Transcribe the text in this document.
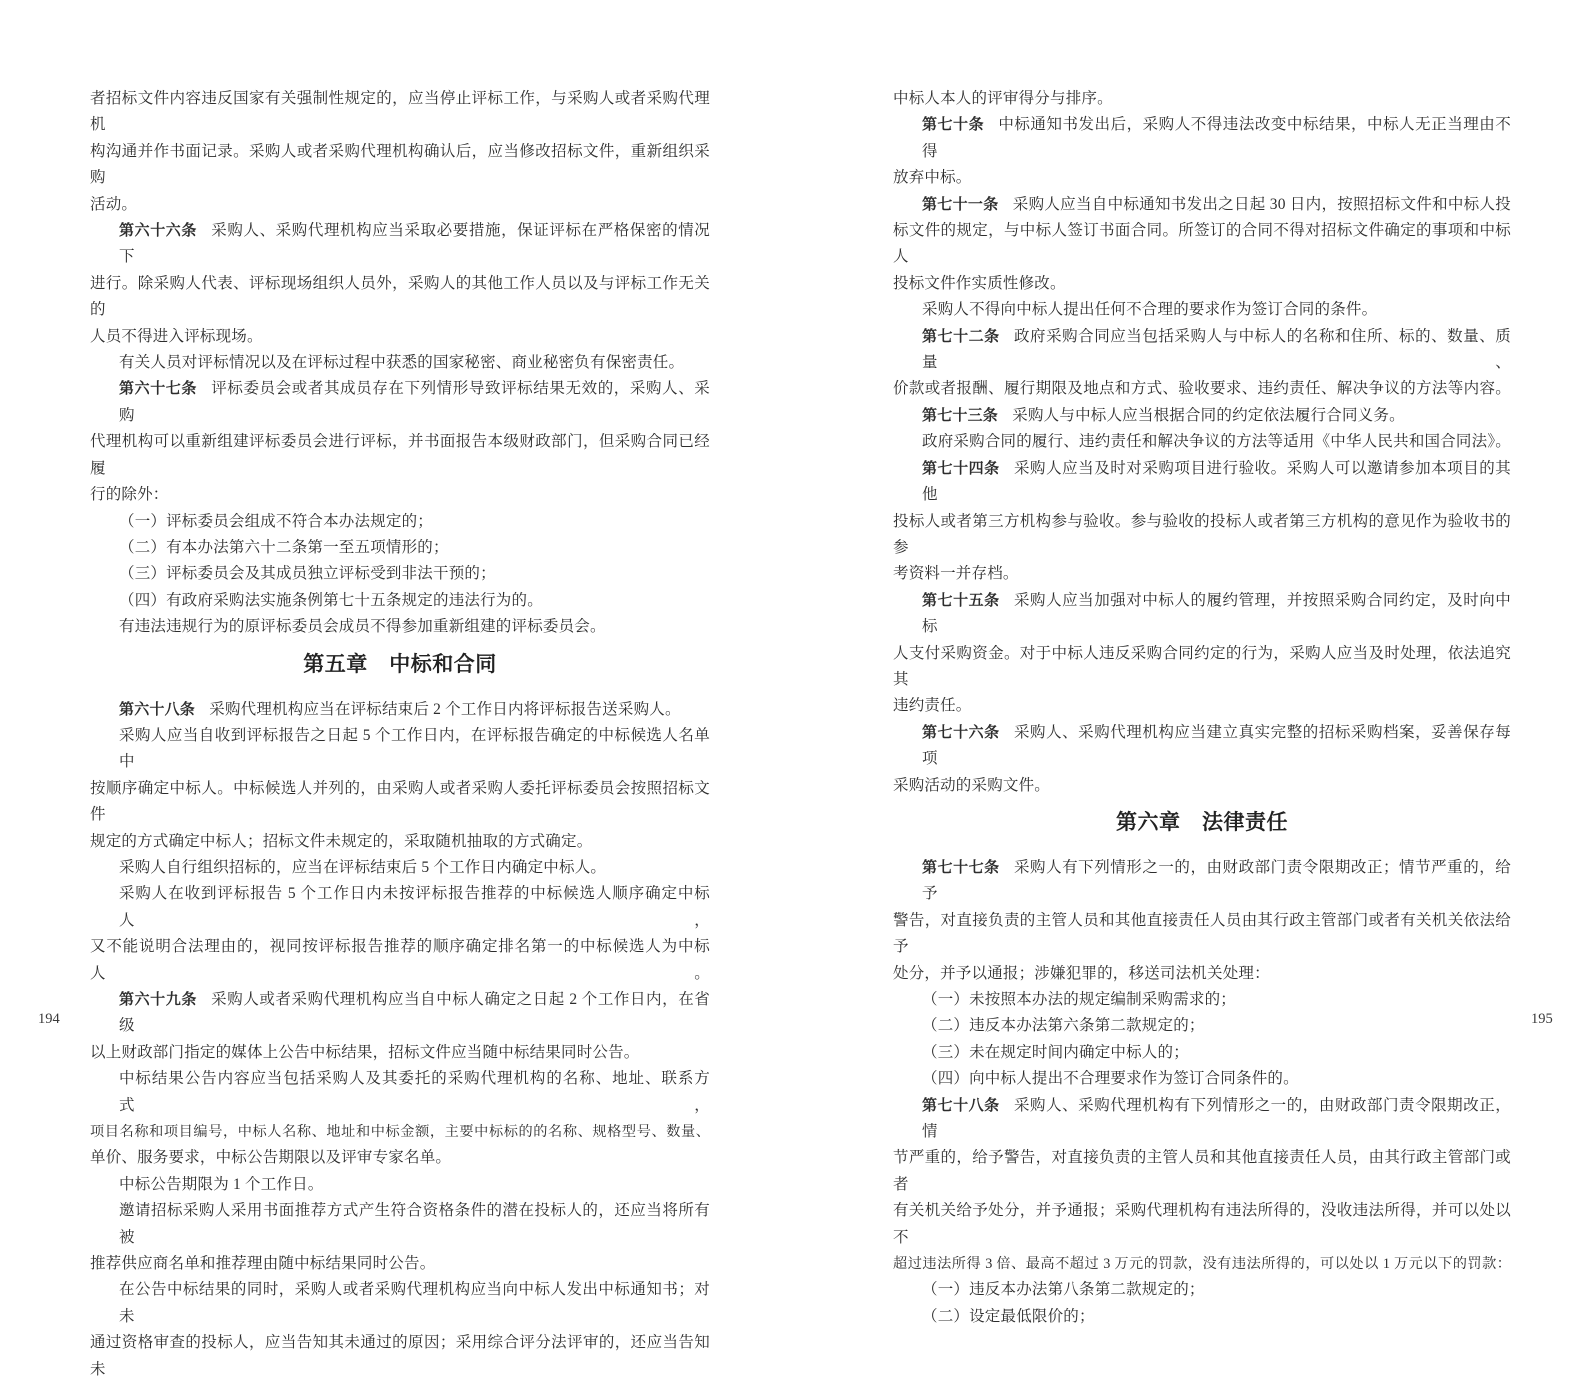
者招标文件内容违反国家有关强制性规定的，应当停止评标工作，与采购人或者采购代理机
构沟通并作书面记录。采购人或者采购代理机构确认后，应当修改招标文件，重新组织采购
活动。
第六十六条 采购人、采购代理机构应当采取必要措施，保证评标在严格保密的情况下
进行。除采购人代表、评标现场组织人员外，采购人的其他工作人员以及与评标工作无关的
人员不得进入评标现场。
有关人员对评标情况以及在评标过程中获悉的国家秘密、商业秘密负有保密责任。
第六十七条 评标委员会或者其成员存在下列情形导致评标结果无效的，采购人、采购
代理机构可以重新组建评标委员会进行评标，并书面报告本级财政部门，但采购合同已经履
行的除外：
（一）评标委员会组成不符合本办法规定的；
（二）有本办法第六十二条第一至五项情形的；
（三）评标委员会及其成员独立评标受到非法干预的；
（四）有政府采购法实施条例第七十五条规定的违法行为的。
有违法违规行为的原评标委员会成员不得参加重新组建的评标委员会。
第五章　中标和合同
第六十八条 采购代理机构应当在评标结束后 2 个工作日内将评标报告送采购人。
采购人应当自收到评标报告之日起 5 个工作日内，在评标报告确定的中标候选人名单中
按顺序确定中标人。中标候选人并列的，由采购人或者采购人委托评标委员会按照招标文件
规定的方式确定中标人；招标文件未规定的，采取随机抽取的方式确定。
采购人自行组织招标的，应当在评标结束后 5 个工作日内确定中标人。
采购人在收到评标报告 5 个工作日内未按评标报告推荐的中标候选人顺序确定中标人，
又不能说明合法理由的，视同按评标报告推荐的顺序确定排名第一的中标候选人为中标人。
第六十九条 采购人或者采购代理机构应当自中标人确定之日起 2 个工作日内，在省级
以上财政部门指定的媒体上公告中标结果，招标文件应当随中标结果同时公告。
中标结果公告内容应当包括采购人及其委托的采购代理机构的名称、地址、联系方式，
项目名称和项目编号，中标人名称、地址和中标金额，主要中标标的的名称、规格型号、数量、
单价、服务要求，中标公告期限以及评审专家名单。
中标公告期限为 1 个工作日。
邀请招标采购人采用书面推荐方式产生符合资格条件的潜在投标人的，还应当将所有被
推荐供应商名单和推荐理由随中标结果同时公告。
在公告中标结果的同时，采购人或者采购代理机构应当向中标人发出中标通知书；对未
通过资格审查的投标人，应当告知其未通过的原因；采用综合评分法评审的，还应当告知未
中标人本人的评审得分与排序。
第七十条 中标通知书发出后，采购人不得违法改变中标结果，中标人无正当理由不得
放弃中标。
第七十一条 采购人应当自中标通知书发出之日起 30 日内，按照招标文件和中标人投
标文件的规定，与中标人签订书面合同。所签订的合同不得对招标文件确定的事项和中标人
投标文件作实质性修改。
采购人不得向中标人提出任何不合理的要求作为签订合同的条件。
第七十二条 政府采购合同应当包括采购人与中标人的名称和住所、标的、数量、质量、
价款或者报酬、履行期限及地点和方式、验收要求、违约责任、解决争议的方法等内容。
第七十三条 采购人与中标人应当根据合同的约定依法履行合同义务。
政府采购合同的履行、违约责任和解决争议的方法等适用《中华人民共和国合同法》。
第七十四条 采购人应当及时对采购项目进行验收。采购人可以邀请参加本项目的其他
投标人或者第三方机构参与验收。参与验收的投标人或者第三方机构的意见作为验收书的参
考资料一并存档。
第七十五条 采购人应当加强对中标人的履约管理，并按照采购合同约定，及时向中标
人支付采购资金。对于中标人违反采购合同约定的行为，采购人应当及时处理，依法追究其
违约责任。
第七十六条 采购人、采购代理机构应当建立真实完整的招标采购档案，妥善保存每项
采购活动的采购文件。
第六章　法律责任
第七十七条 采购人有下列情形之一的，由财政部门责令限期改正；情节严重的，给予
警告，对直接负责的主管人员和其他直接责任人员由其行政主管部门或者有关机关依法给予
处分，并予以通报；涉嫌犯罪的，移送司法机关处理：
（一）未按照本办法的规定编制采购需求的；
（二）违反本办法第六条第二款规定的；
（三）未在规定时间内确定中标人的；
（四）向中标人提出不合理要求作为签订合同条件的。
第七十八条 采购人、采购代理机构有下列情形之一的，由财政部门责令限期改正，情
节严重的，给予警告，对直接负责的主管人员和其他直接责任人员，由其行政主管部门或者
有关机关给予处分，并予通报；采购代理机构有违法所得的，没收违法所得，并可以处以不
超过违法所得 3 倍、最高不超过 3 万元的罚款，没有违法所得的，可以处以 1 万元以下的罚款：
（一）违反本办法第八条第二款规定的；
（二）设定最低限价的；
194	195
